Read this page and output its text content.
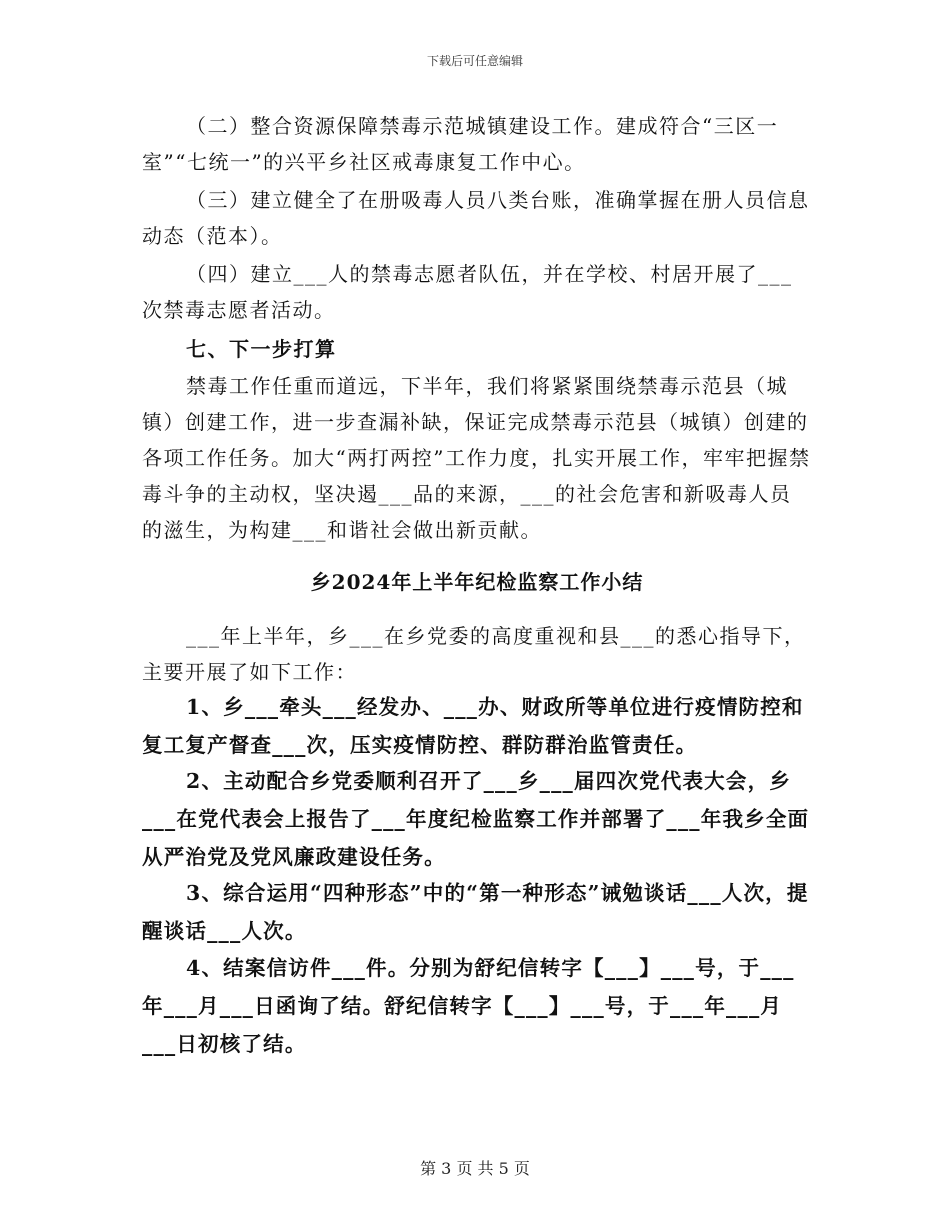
下载后可任意编辑

（二）整合资源保障禁毒示范城镇建设工作。建成符合“三区一室”“七统一”的兴平乡社区戒毒康复工作中心。

（三）建立健全了在册吸毒人员八类台账，准确掌握在册人员信息动态（范本）。

（四）建立___人的禁毒志愿者队伍，并在学校、村居开展了___次禁毒志愿者活动。

七、下一步打算

禁毒工作任重而道远，下半年，我们将紧紧围绕禁毒示范县（城镇）创建工作，进一步查漏补缺，保证完成禁毒示范县（城镇）创建的各项工作任务。加大“两打两控”工作力度，扎实开展工作，牢牢把握禁毒斗争的主动权，坚决遏___品的来源，___的社会危害和新吸毒人员的滋生，为构建___和谐社会做出新贡献。

乡2024年上半年纪检监察工作小结

___年上半年，乡___在乡党委的高度重视和县___的悉心指导下，主要开展了如下工作：

1、乡___牵头___经发办、___办、财政所等单位进行疫情防控和复工复产督查___次，压实疫情防控、群防群治监管责任。

2、主动配合乡党委顺利召开了___乡___届四次党代表大会，乡___在党代表会上报告了___年度纪检监察工作并部署了___年我乡全面从严治党及党风廉政建设任务。

3、综合运用“四种形态”中的“第一种形态”诫勉谈话___人次，提醒谈话___人次。

4、结案信访件___件。分别为舒纪信转字【___】___号，于___年___月___日函询了结。舒纪信转字【___】___号，于___年___月___日初核了结。

第 3 页 共 5 页
